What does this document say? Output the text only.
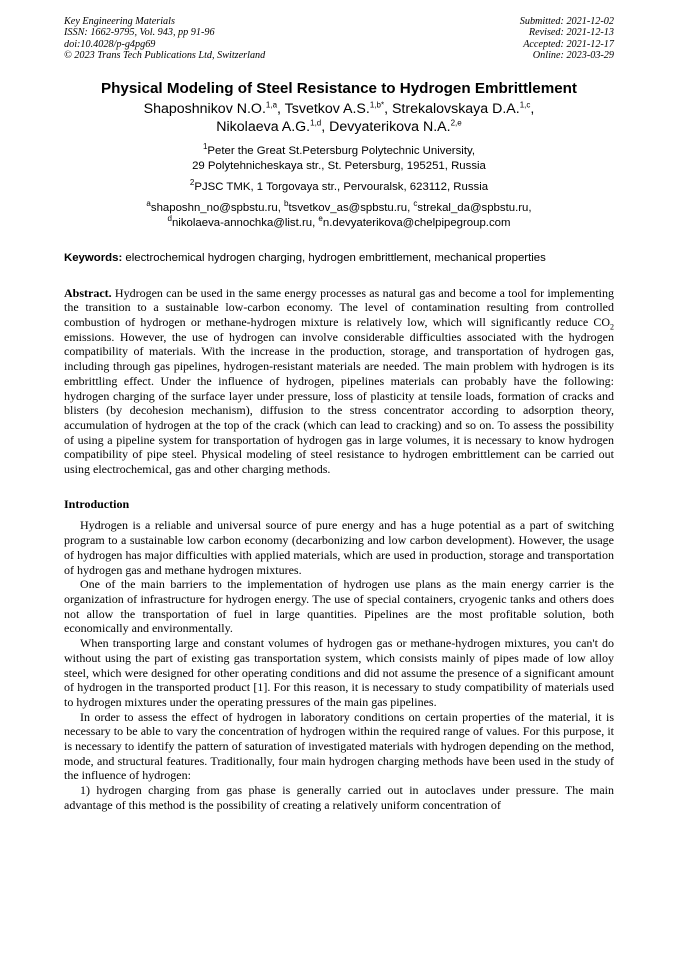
Key Engineering Materials
ISSN: 1662-9795, Vol. 943, pp 91-96
doi:10.4028/p-g4pg69
© 2023 Trans Tech Publications Ltd, Switzerland
Submitted: 2021-12-02
Revised: 2021-12-13
Accepted: 2021-12-17
Online: 2023-03-29
Physical Modeling of Steel Resistance to Hydrogen Embrittlement
Shaposhnikov N.O.$^{1,a}$, Tsvetkov A.S.$^{1,b*}$, Strekalovskaya D.A.$^{1,c}$,
Nikolaeva A.G.$^{1,d}$, Devyaterikova N.A.$^{2,e}$
$^1$Peter the Great St.Petersburg Polytechnic University,
29 Polytehnicheskaya str., St. Petersburg, 195251, Russia
$^2$PJSC TMK, 1 Torgovaya str., Pervouralsk, 623112, Russia
$^a$shaposhn_no@spbstu.ru, $^b$tsvetkov_as@spbstu.ru, $^c$strekal_da@spbstu.ru,
$^d$nikolaeva-annochka@list.ru, $^e$n.devyaterikova@chelpipegroup.com
Keywords: electrochemical hydrogen charging, hydrogen embrittlement, mechanical properties
Abstract. Hydrogen can be used in the same energy processes as natural gas and become a tool for implementing the transition to a sustainable low-carbon economy. The level of contamination resulting from controlled combustion of hydrogen or methane-hydrogen mixture is relatively low, which will significantly reduce $CO_2$ emissions. However, the use of hydrogen can involve considerable difficulties associated with the hydrogen compatibility of materials. With the increase in the production, storage, and transportation of hydrogen gas, including through gas pipelines, hydrogen-resistant materials are needed. The main problem with hydrogen is its embrittling effect. Under the influence of hydrogen, pipelines materials can probably have the following: hydrogen charging of the surface layer under pressure, loss of plasticity at tensile loads, formation of cracks and blisters (by decohesion mechanism), diffusion to the stress concentrator according to adsorption theory, accumulation of hydrogen at the top of the crack (which can lead to cracking) and so on. To assess the possibility of using a pipeline system for transportation of hydrogen gas in large volumes, it is necessary to know hydrogen compatibility of pipe steel. Physical modeling of steel resistance to hydrogen embrittlement can be carried out using electrochemical, gas and other charging methods.
Introduction

Hydrogen is a reliable and universal source of pure energy and has a huge potential as a part of switching program to a sustainable low carbon economy (decarbonizing and low carbon development). However, the usage of hydrogen has major difficulties with applied materials, which are used in production, storage and transportation of hydrogen gas and methane hydrogen mixtures.

One of the main barriers to the implementation of hydrogen use plans as the main energy carrier is the organization of infrastructure for hydrogen energy. The use of special containers, cryogenic tanks and others does not allow the transportation of fuel in large quantities. Pipelines are the most profitable solution, both economically and environmentally.

When transporting large and constant volumes of hydrogen gas or methane-hydrogen mixtures, you can't do without using the part of existing gas transportation system, which consists mainly of pipes made of low alloy steel, which were designed for other operating conditions and did not assume the presence of a significant amount of hydrogen in the transported product [1]. For this reason, it is necessary to study compatibility of materials used to hydrogen mixtures under the operating pressures of the main gas pipelines.

In order to assess the effect of hydrogen in laboratory conditions on certain properties of the material, it is necessary to be able to vary the concentration of hydrogen within the required range of values. For this purpose, it is necessary to identify the pattern of saturation of investigated materials with hydrogen depending on the method, mode, and structural features. Traditionally, four main hydrogen charging methods have been used in the study of the influence of hydrogen:

1) hydrogen charging from gas phase is generally carried out in autoclaves under pressure. The main advantage of this method is the possibility of creating a relatively uniform concentration of
